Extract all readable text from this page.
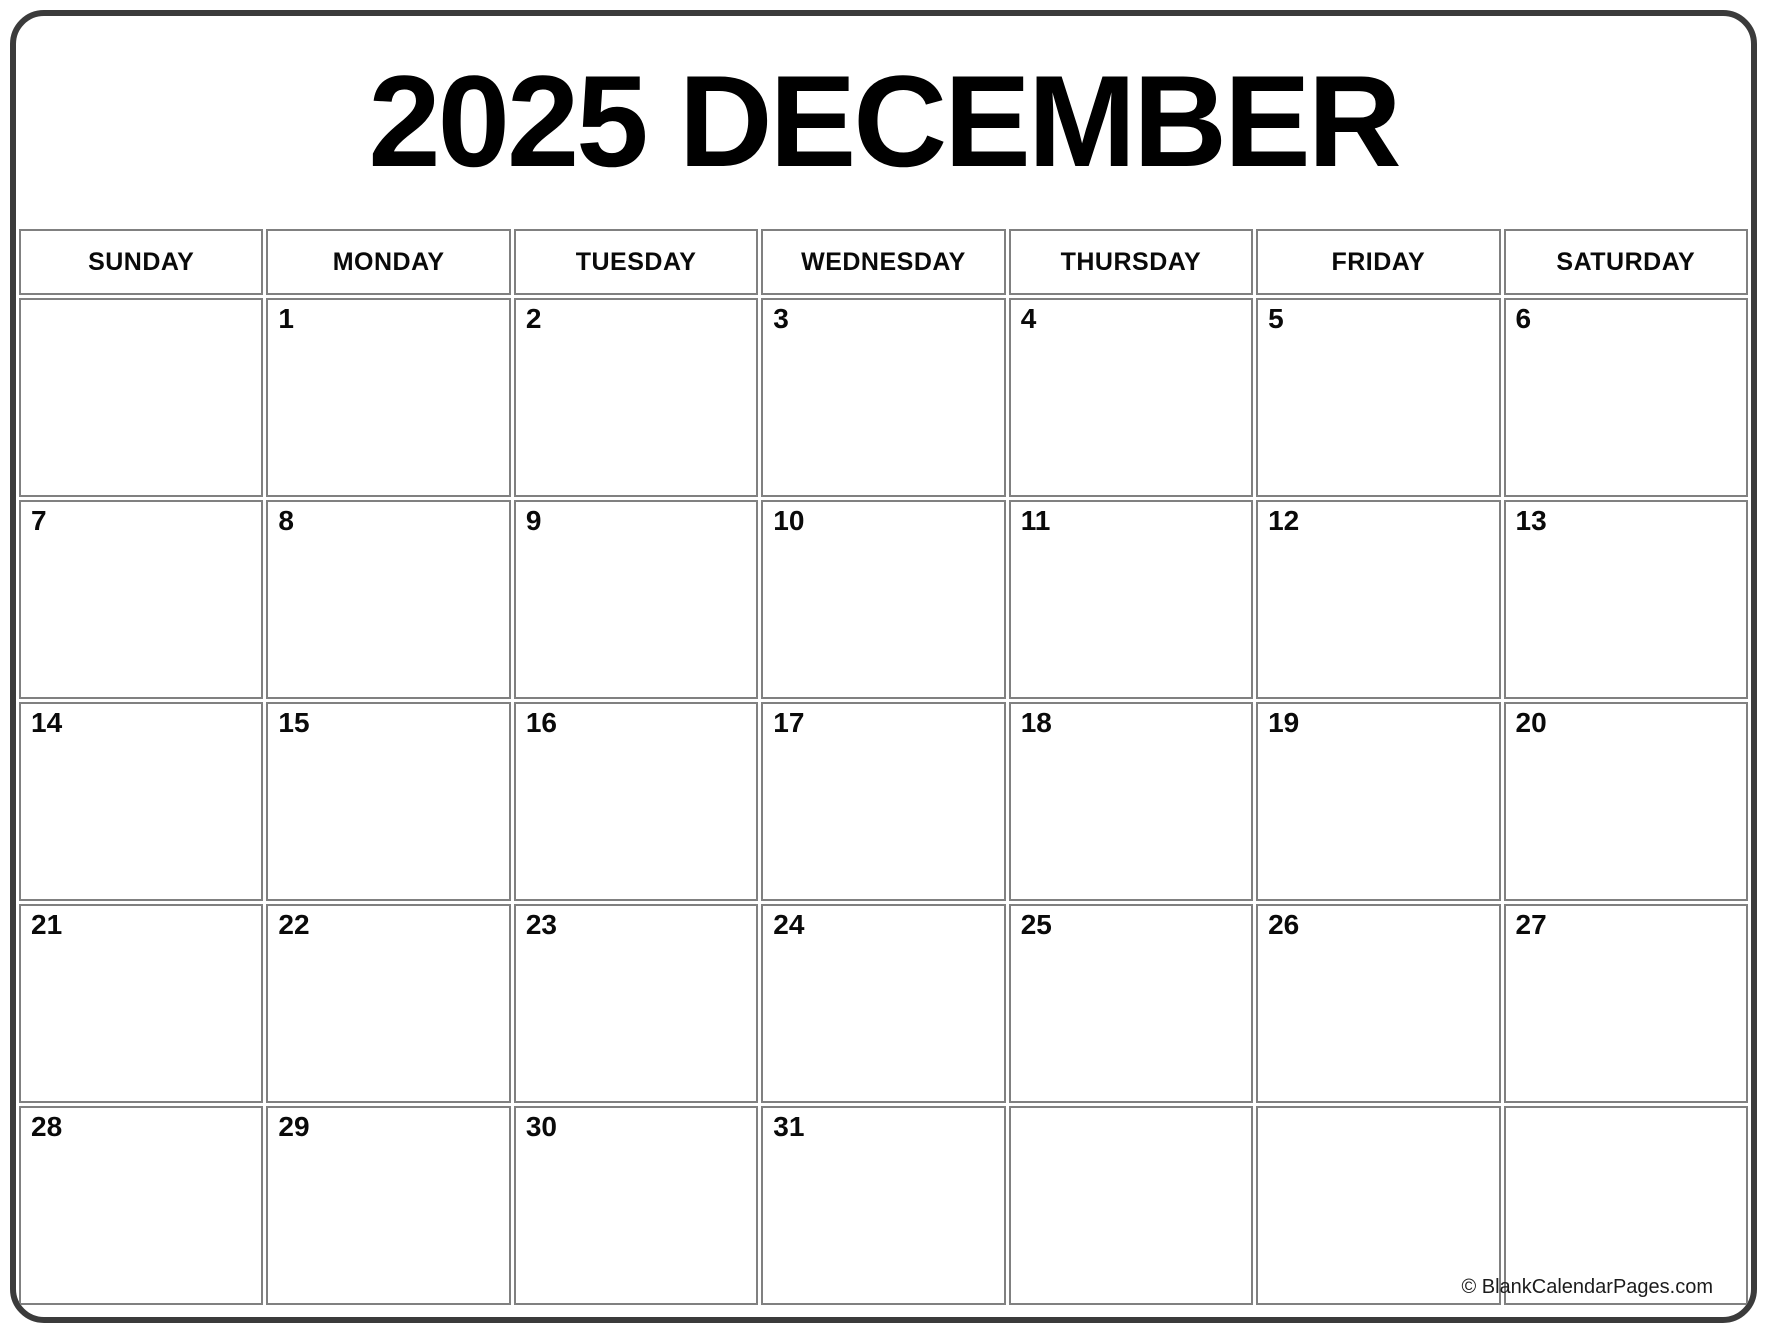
2025 DECEMBER
SUNDAY	MONDAY	TUESDAY	WEDNESDAY	THURSDAY	FRIDAY	SATURDAY

	1	2	3	4	5	6

7	8	9	10	11	12	13

14	15	16	17	18	19	20

21	22	23	24	25	26	27

28	29	30	31			

© BlankCalendarPages.com
